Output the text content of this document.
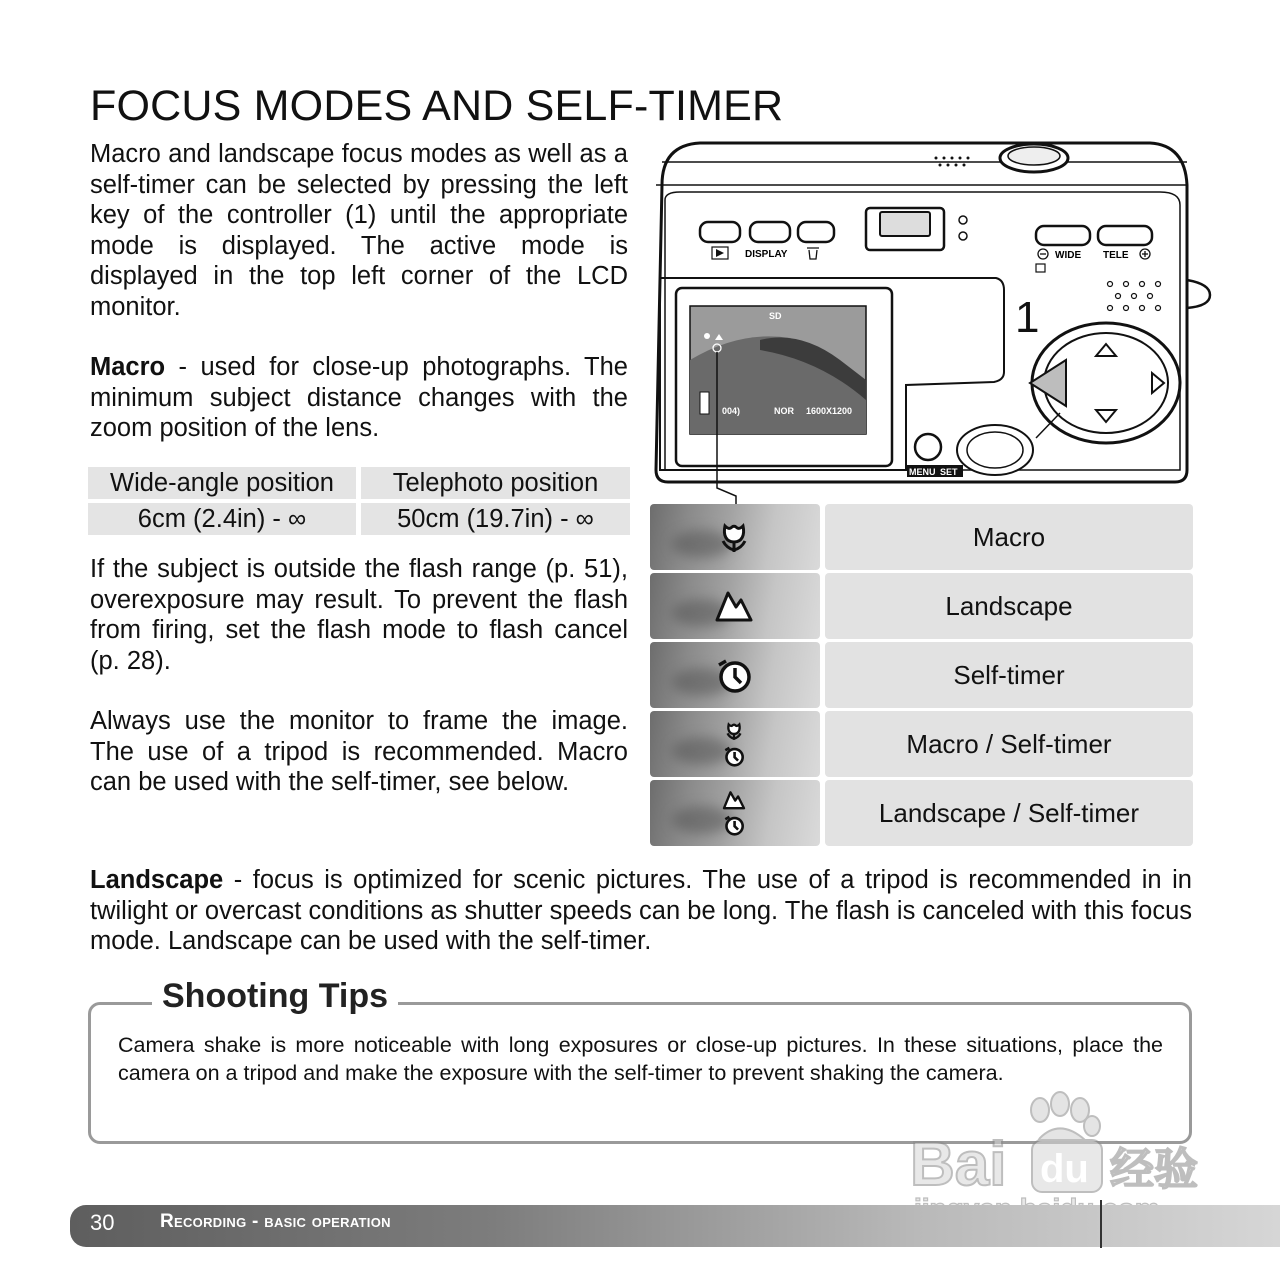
FOCUS MODES AND SELF-TIMER
Macro and landscape focus modes as well as a self-timer can be selected by pressing the left key of the controller (1) until the appropriate mode is displayed. The active mode is displayed in the top left corner of the LCD monitor.
Macro - used for close-up photographs. The minimum subject distance changes with the zoom position of the lens.
Wide-angle position	Telephoto position
6cm (2.4in) - ∞	50cm (19.7in) - ∞
If the subject is outside the flash range (p. 51), overexposure may result. To prevent the flash from firing, set the flash mode to flash cancel (p. 28).
Always use the monitor to frame the image. The use of a tripod is recommended. Macro can be used with the self-timer, see below.
DISPLAY	WIDE TELE
SD
004)	NOR 1600X1200
1
MENU SET
Macro
Landscape
Self-timer
Macro / Self-timer
Landscape / Self-timer
Landscape - focus is optimized for scenic pictures. The use of a tripod is recommended in in twilight or overcast conditions as shutter speeds can be long. The flash is canceled with this focus mode. Landscape can be used with the self-timer.
Shooting Tips
Camera shake is more noticeable with long exposures or close-up pictures. In these situations, place the camera on a tripod and make the exposure with the self-timer to prevent shaking the camera.
Bai du 经验
30 Recording - basic operation
